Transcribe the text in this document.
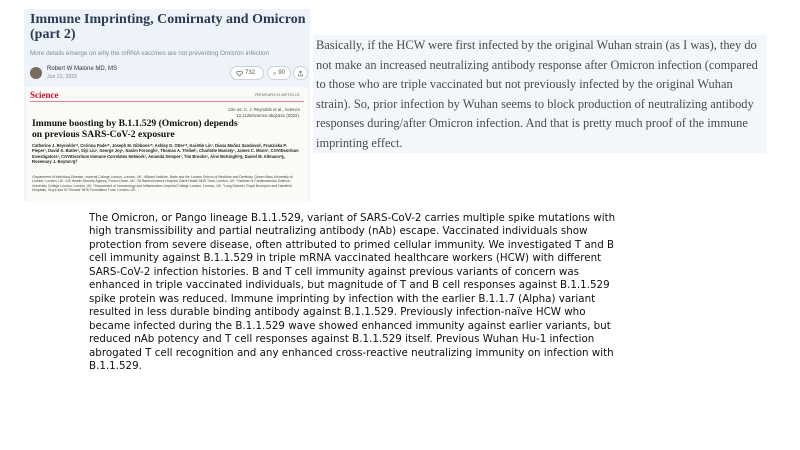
Immune Imprinting, Comirnaty and Omicron (part 2)
More details emerge on why the mRNA vaccines are not preventing Omicron infection
Robert W Malone MD, MS
Jun 22, 2022
732	90
Science	RESEARCH ARTICLE
Cite as: C. J. Reynolds et al., Science 10.1126/science.abq1841 (2022).
Immune boosting by B.1.1.529 (Omicron) depends on previous SARS-CoV-2 exposure
Catherine J. Reynolds¹*, Corinna Pade¹*, Joseph M. Gibbons¹*, Ashley D. Otter¹*, Kai-Min Lin¹, Diana Muñoz Sandoval¹, Franziska P. Pieper¹, David K. Butler¹, Siyi Liu¹, George Joy¹, Nasim Forooghi¹, Thomas A. Treibel¹, Charlotte Manisty¹, James C. Moon¹, COVIDsortium Investigators¹, COVIDsortium Immune Correlates Network¹, Amanda Semper¹, Tim Brooks¹, Áine McKnight¹§, Daniel M. Altmann¹§, Rosemary J. Boyton¹§†
¹Department of Infectious Disease, Imperial College London, London, UK. ²Blizard Institute, Barts and the London School of Medicine and Dentistry, Queen Mary University of London, London, UK. ³UK Health Security Agency, Porton Down, UK. ⁴St Bartholomew's Hospital, Barts Health NHS Trust, London, UK. ⁵Institute of Cardiovascular Science, University College London, London, UK. ⁶Department of Immunology and Inflammation, Imperial College London, London, UK. ⁷Lung Division, Royal Brompton and Harefield Hospitals, Guy's and St Thomas' NHS Foundation Trust, London, UK.
Basically, if the HCW were first infected by the original Wuhan strain (as I was), they do not make an increased neutralizing antibody response after Omicron infection (compared to those who are triple vaccinated but not previously infected by the original Wuhan strain). So, prior infection by Wuhan seems to block production of neutralizing antibody responses during/after Omicron infection. And that is pretty much proof of the immune imprinting effect.
The Omicron, or Pango lineage B.1.1.529, variant of SARS-CoV-2 carries multiple spike mutations with high transmissibility and partial neutralizing antibody (nAb) escape. Vaccinated individuals show protection from severe disease, often attributed to primed cellular immunity. We investigated T and B cell immunity against B.1.1.529 in triple mRNA vaccinated healthcare workers (HCW) with different SARS-CoV-2 infection histories. B and T cell immunity against previous variants of concern was enhanced in triple vaccinated individuals, but magnitude of T and B cell responses against B.1.1.529 spike protein was reduced. Immune imprinting by infection with the earlier B.1.1.7 (Alpha) variant resulted in less durable binding antibody against B.1.1.529. Previously infection-naïve HCW who became infected during the B.1.1.529 wave showed enhanced immunity against earlier variants, but reduced nAb potency and T cell responses against B.1.1.529 itself. Previous Wuhan Hu-1 infection abrogated T cell recognition and any enhanced cross-reactive neutralizing immunity on infection with B.1.1.529.
